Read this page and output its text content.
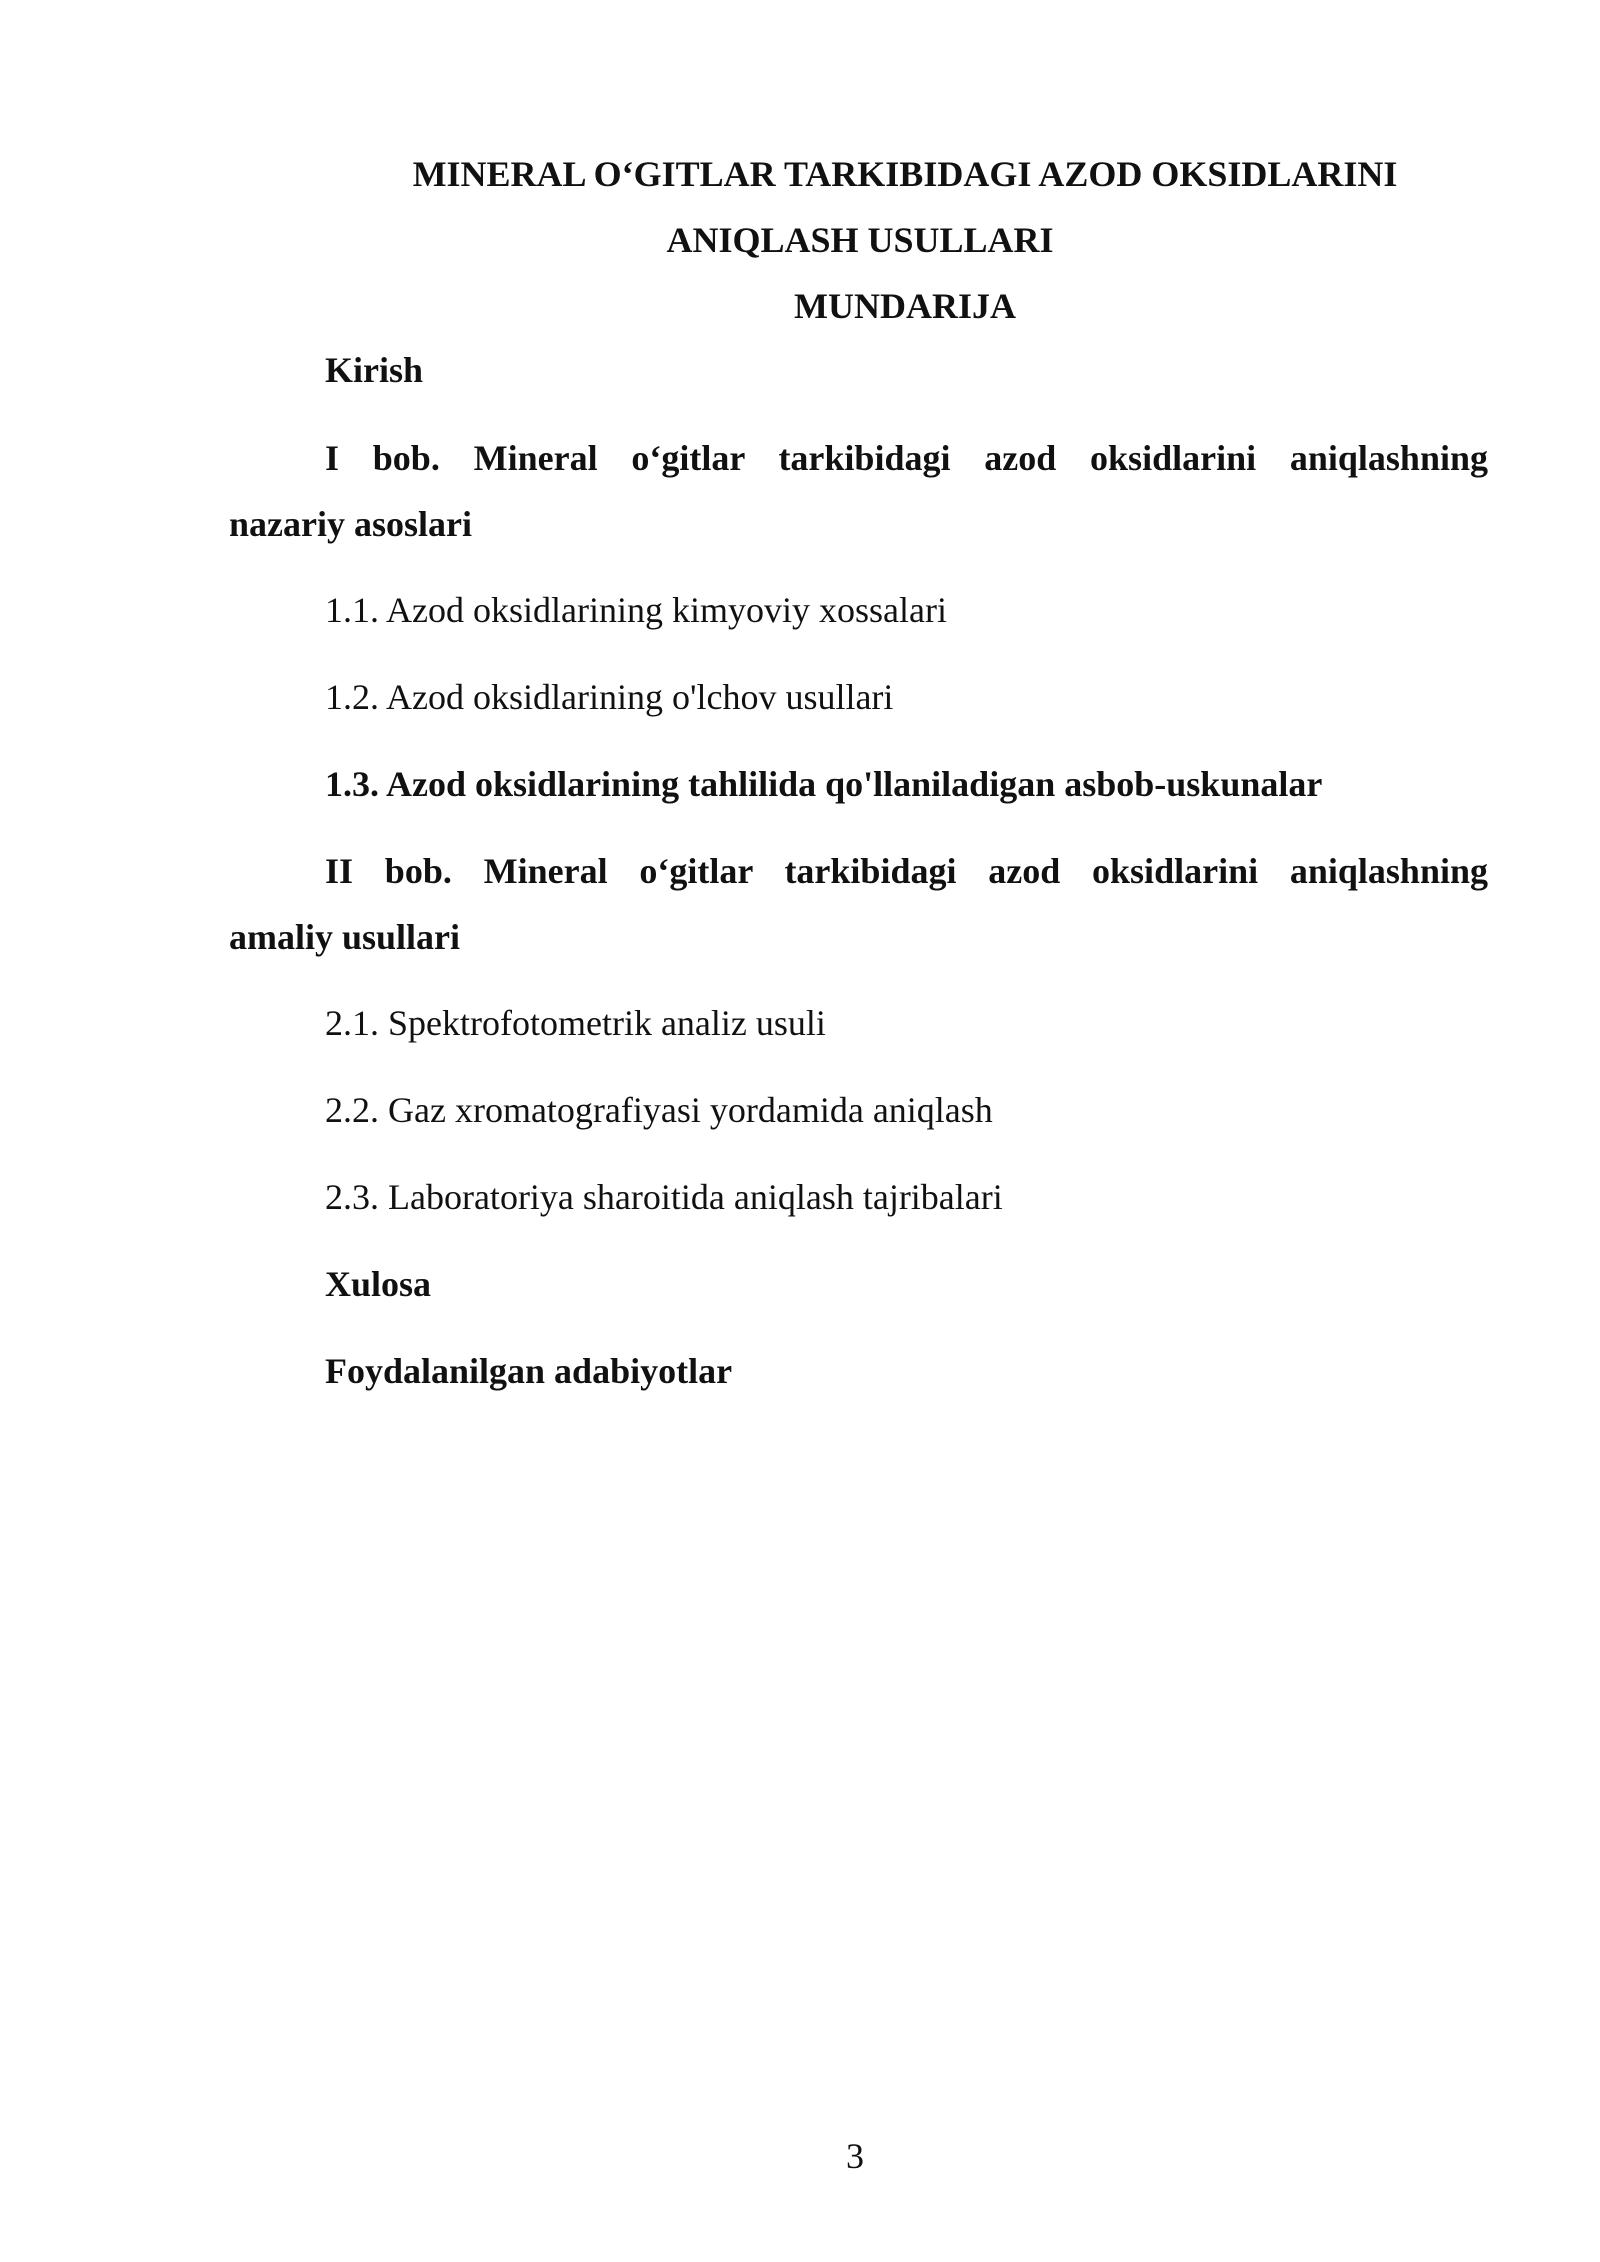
MINERAL O‘GITLAR TARKIBIDAGI AZOD OKSIDLARINI
ANIQLASH USULLARI
MUNDARIJA
Kirish
I bob. Mineral o‘gitlar tarkibidagi azod oksidlarini aniqlashning
nazariy asoslari
1.1. Azod oksidlarining kimyoviy xossalari
1.2. Azod oksidlarining o'lchov usullari
1.3. Azod oksidlarining tahlilida qo'llaniladigan asbob-uskunalar
II bob. Mineral o‘gitlar tarkibidagi azod oksidlarini aniqlashning
amaliy usullari
2.1. Spektrofotometrik analiz usuli
2.2. Gaz xromatografiyasi yordamida aniqlash
2.3. Laboratoriya sharoitida aniqlash tajribalari
Xulosa
Foydalanilgan adabiyotlar
3
